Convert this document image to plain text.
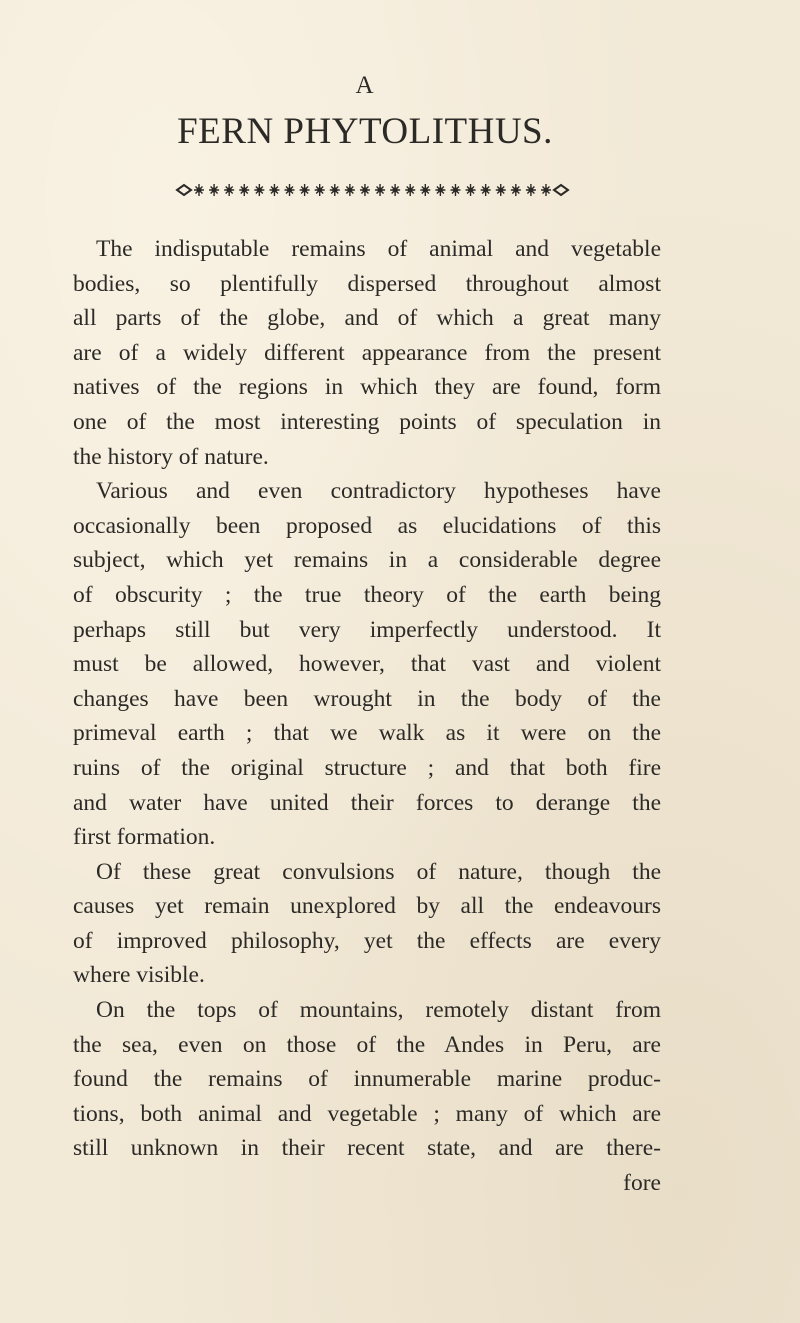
A
FERN PHYTOLITHUS.
The indisputable remains of animal and vegetable
bodies, so plentifully dispersed throughout almost
all parts of the globe, and of which a great many
are of a widely different appearance from the present
natives of the regions in which they are found, form
one of the most interesting points of speculation in
the history of nature.
Various and even contradictory hypotheses have
occasionally been proposed as elucidations of this
subject, which yet remains in a considerable degree
of obscurity ; the true theory of the earth being
perhaps still but very imperfectly understood. It
must be allowed, however, that vast and violent
changes have been wrought in the body of the
primeval earth ; that we walk as it were on the
ruins of the original structure ; and that both fire
and water have united their forces to derange the
first formation.
Of these great convulsions of nature, though the
causes yet remain unexplored by all the endeavours
of improved philosophy, yet the effects are every
where visible.
On the tops of mountains, remotely distant from
the sea, even on those of the Andes in Peru, are
found the remains of innumerable marine produc-
tions, both animal and vegetable ; many of which are
still unknown in their recent state, and are there-
fore
